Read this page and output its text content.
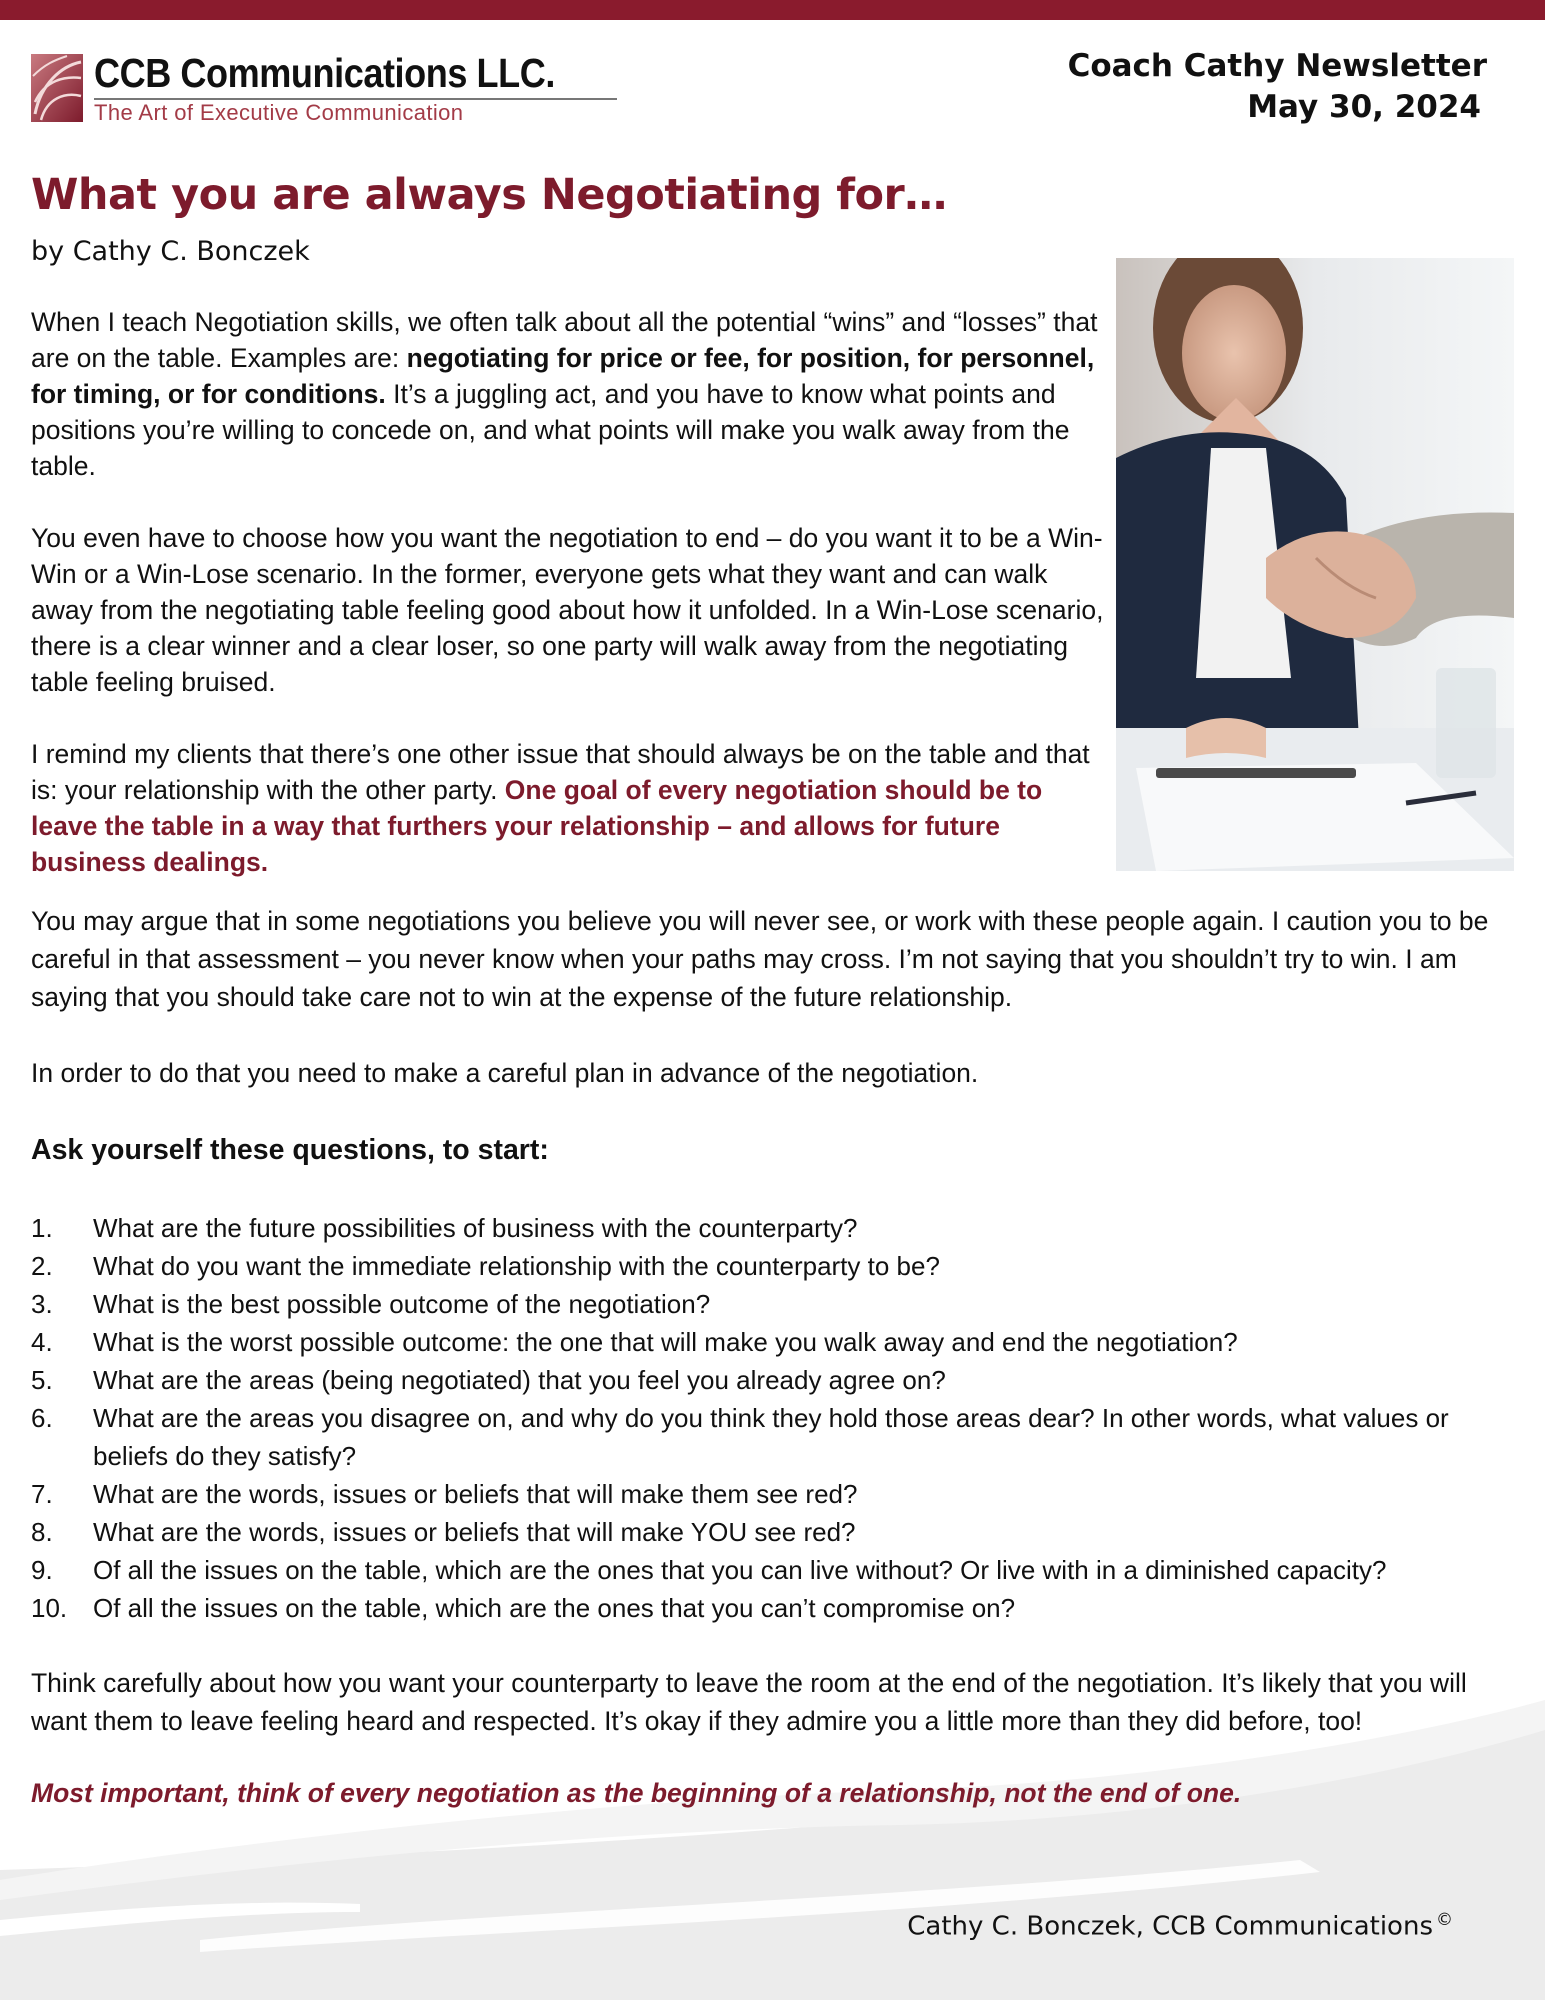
CCB Communications LLC.
The Art of Executive Communication
Coach Cathy Newsletter
May 30, 2024
What you are always Negotiating for…
by Cathy C. Bonczek

When I teach Negotiation skills, we often talk about all the potential “wins” and “losses” that are on the table. Examples are: negotiating for price or fee, for position, for personnel, for timing, or for conditions. It’s a juggling act, and you have to know what points and positions you’re willing to concede on, and what points will make you walk away from the table.

You even have to choose how you want the negotiation to end – do you want it to be a Win-Win or a Win-Lose scenario. In the former, everyone gets what they want and can walk away from the negotiating table feeling good about how it unfolded. In a Win-Lose scenario, there is a clear winner and a clear loser, so one party will walk away from the negotiating table feeling bruised.

I remind my clients that there’s one other issue that should always be on the table and that is: your relationship with the other party. One goal of every negotiation should be to leave the table in a way that furthers your relationship – and allows for future business dealings.

You may argue that in some negotiations you believe you will never see, or work with these people again. I caution you to be careful in that assessment – you never know when your paths may cross. I’m not saying that you shouldn’t try to win. I am saying that you should take care not to win at the expense of the future relationship.

In order to do that you need to make a careful plan in advance of the negotiation.

Ask yourself these questions, to start:
1. What are the future possibilities of business with the counterparty?
2. What do you want the immediate relationship with the counterparty to be?
3. What is the best possible outcome of the negotiation?
4. What is the worst possible outcome: the one that will make you walk away and end the negotiation?
5. What are the areas (being negotiated) that you feel you already agree on?
6. What are the areas you disagree on, and why do you think they hold those areas dear? In other words, what values or beliefs do they satisfy?
7. What are the words, issues or beliefs that will make them see red?
8. What are the words, issues or beliefs that will make YOU see red?
9. Of all the issues on the table, which are the ones that you can live without? Or live with in a diminished capacity?
10. Of all the issues on the table, which are the ones that you can’t compromise on?

Think carefully about how you want your counterparty to leave the room at the end of the negotiation. It’s likely that you will want them to leave feeling heard and respected. It’s okay if they admire you a little more than they did before, too!

Most important, think of every negotiation as the beginning of a relationship, not the end of one.
Cathy C. Bonczek, CCB Communications ©
